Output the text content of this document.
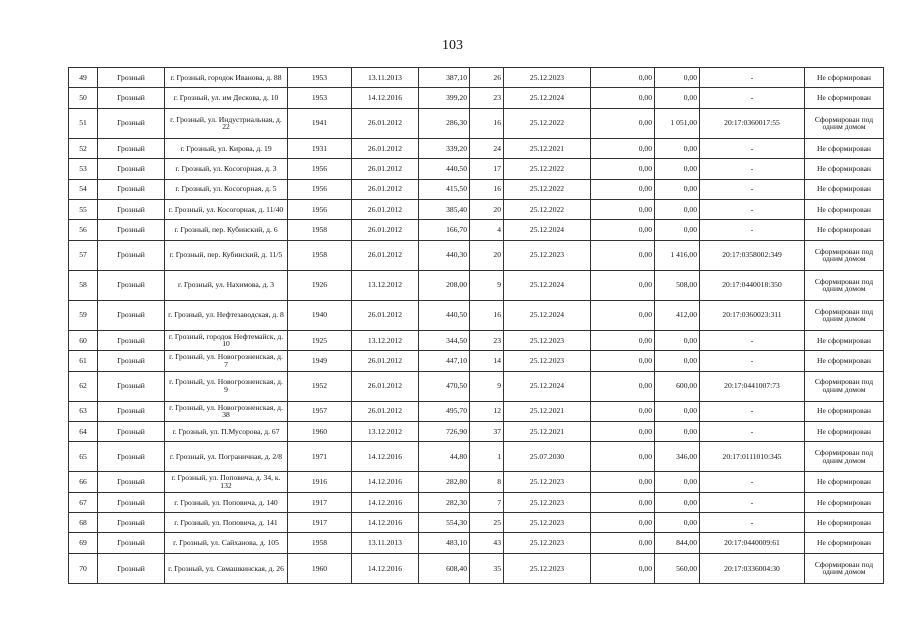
103
49	Грозный	г. Грозный, городок Иванова, д. 88	1953	13.11.2013	387,10	26	25.12.2023	0,00	0,00	-	Не сформирован
50	Грозный	г. Грозный, ул. им Дескова, д. 10	1953	14.12.2016	399,20	23	25.12.2024	0,00	0,00	-	Не сформирован
51	Грозный	г. Грозный, ул. Индустриальная, д. 22	1941	26.01.2012	286,30	16	25.12.2022	0,00	1 051,00	20:17:0360017:55	Сформирован под одним домом
52	Грозный	г. Грозный, ул. Кирова, д. 19	1931	26.01.2012	339,20	24	25.12.2021	0,00	0,00	-	Не сформирован
53	Грозный	г. Грозный, ул. Косогорная, д. 3	1956	26.01.2012	440,50	17	25.12.2022	0,00	0,00	-	Не сформирован
54	Грозный	г. Грозный, ул. Косогорная, д. 5	1956	26.01.2012	415,50	16	25.12.2022	0,00	0,00	-	Не сформирован
55	Грозный	г. Грозный, ул. Косогорная, д. 11/40	1956	26.01.2012	385,40	20	25.12.2022	0,00	0,00	-	Не сформирован
56	Грозный	г. Грозный, пер. Кубинский, д. 6	1958	26.01.2012	166,70	4	25.12.2024	0,00	0,00	-	Не сформирован
57	Грозный	г. Грозный, пер. Кубинский, д. 11/5	1958	26.01.2012	440,30	20	25.12.2023	0,00	1 416,00	20:17:0358002:349	Сформирован под одним домом
58	Грозный	г. Грозный, ул. Нахимова, д. 3	1926	13.12.2012	208,00	9	25.12.2024	0,00	508,00	20:17:0440018:350	Сформирован под одним домом
59	Грозный	г. Грозный, ул. Нефтезаводская, д. 8	1940	26.01.2012	440,50	16	25.12.2024	0,00	412,00	20:17:0360023:311	Сформирован под одним домом
60	Грозный	г. Грозный, городок Нефтемайск, д. 10	1925	13.12.2012	344,50	23	25.12.2023	0,00	0,00	-	Не сформирован
61	Грозный	г. Грозный, ул. Новогрозненская, д. 7	1949	26.01.2012	447,10	14	25.12.2023	0,00	0,00	-	Не сформирован
62	Грозный	г. Грозный, ул. Новогрозненская, д. 9	1952	26.01.2012	470,50	9	25.12.2024	0,00	600,00	20:17:0441007:73	Сформирован под одним домом
63	Грозный	г. Грозный, ул. Новогрозненская, д. 38	1957	26.01.2012	495,70	12	25.12.2021	0,00	0,00	-	Не сформирован
64	Грозный	г. Грозный, ул. П.Мусорова, д. 67	1960	13.12.2012	726,90	37	25.12.2021	0,00	0,00	-	Не сформирован
65	Грозный	г. Грозный, ул. Пограничная, д. 2/8	1971	14.12.2016	44,80	1	25.07.2030	0,00	346,00	20:17:0111010:345	Сформирован под одним домом
66	Грозный	г. Грозный, ул. Поповича, д. 34, к. 132	1916	14.12.2016	282,80	8	25.12.2023	0,00	0,00	-	Не сформирован
67	Грозный	г. Грозный, ул. Поповича, д. 140	1917	14.12.2016	282,30	7	25.12.2023	0,00	0,00	-	Не сформирован
68	Грозный	г. Грозный, ул. Поповича, д. 141	1917	14.12.2016	554,30	25	25.12.2023	0,00	0,00	-	Не сформирован
69	Грозный	г. Грозный, ул. Сайханова, д. 105	1958	13.11.2013	483,10	43	25.12.2023	0,00	844,00	20:17:0440009:61	Не сформирован
70	Грозный	г. Грозный, ул. Свмашкинская, д. 26	1960	14.12.2016	608,40	35	25.12.2023	0,00	560,00	20:17:0336004:30	Сформирован под одним домом
